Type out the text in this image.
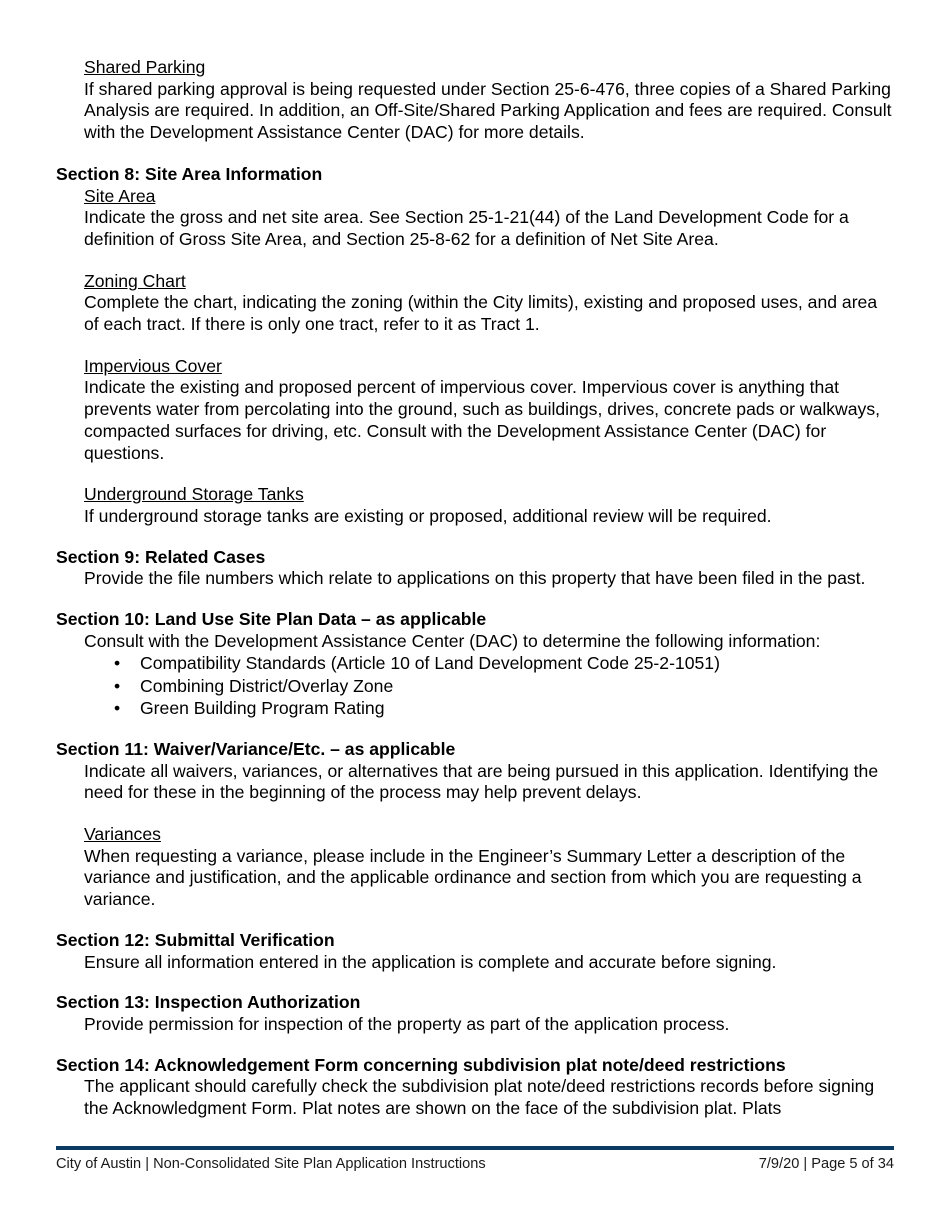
Shared Parking

If shared parking approval is being requested under Section 25-6-476, three copies of a Shared Parking Analysis are required. In addition, an Off-Site/Shared Parking Application and fees are required. Consult with the Development Assistance Center (DAC) for more details.

Section 8: Site Area Information

Site Area

Indicate the gross and net site area. See Section 25-1-21(44) of the Land Development Code for a definition of Gross Site Area, and Section 25-8-62 for a definition of Net Site Area.

Zoning Chart

Complete the chart, indicating the zoning (within the City limits), existing and proposed uses, and area of each tract. If there is only one tract, refer to it as Tract 1.

Impervious Cover

Indicate the existing and proposed percent of impervious cover. Impervious cover is anything that prevents water from percolating into the ground, such as buildings, drives, concrete pads or walkways, compacted surfaces for driving, etc. Consult with the Development Assistance Center (DAC) for questions.

Underground Storage Tanks

If underground storage tanks are existing or proposed, additional review will be required.

Section 9: Related Cases

Provide the file numbers which relate to applications on this property that have been filed in the past.

Section 10: Land Use Site Plan Data – as applicable

Consult with the Development Assistance Center (DAC) to determine the following information:

• Compatibility Standards (Article 10 of Land Development Code 25-2-1051)
• Combining District/Overlay Zone
• Green Building Program Rating

Section 11: Waiver/Variance/Etc. – as applicable

Indicate all waivers, variances, or alternatives that are being pursued in this application. Identifying the need for these in the beginning of the process may help prevent delays.

Variances

When requesting a variance, please include in the Engineer’s Summary Letter a description of the variance and justification, and the applicable ordinance and section from which you are requesting a variance.

Section 12: Submittal Verification

Ensure all information entered in the application is complete and accurate before signing.

Section 13: Inspection Authorization

Provide permission for inspection of the property as part of the application process.

Section 14: Acknowledgement Form concerning subdivision plat note/deed restrictions

The applicant should carefully check the subdivision plat note/deed restrictions records before signing the Acknowledgment Form. Plat notes are shown on the face of the subdivision plat. Plats

City of Austin | Non-Consolidated Site Plan Application Instructions	7/9/20 | Page 5 of 34
